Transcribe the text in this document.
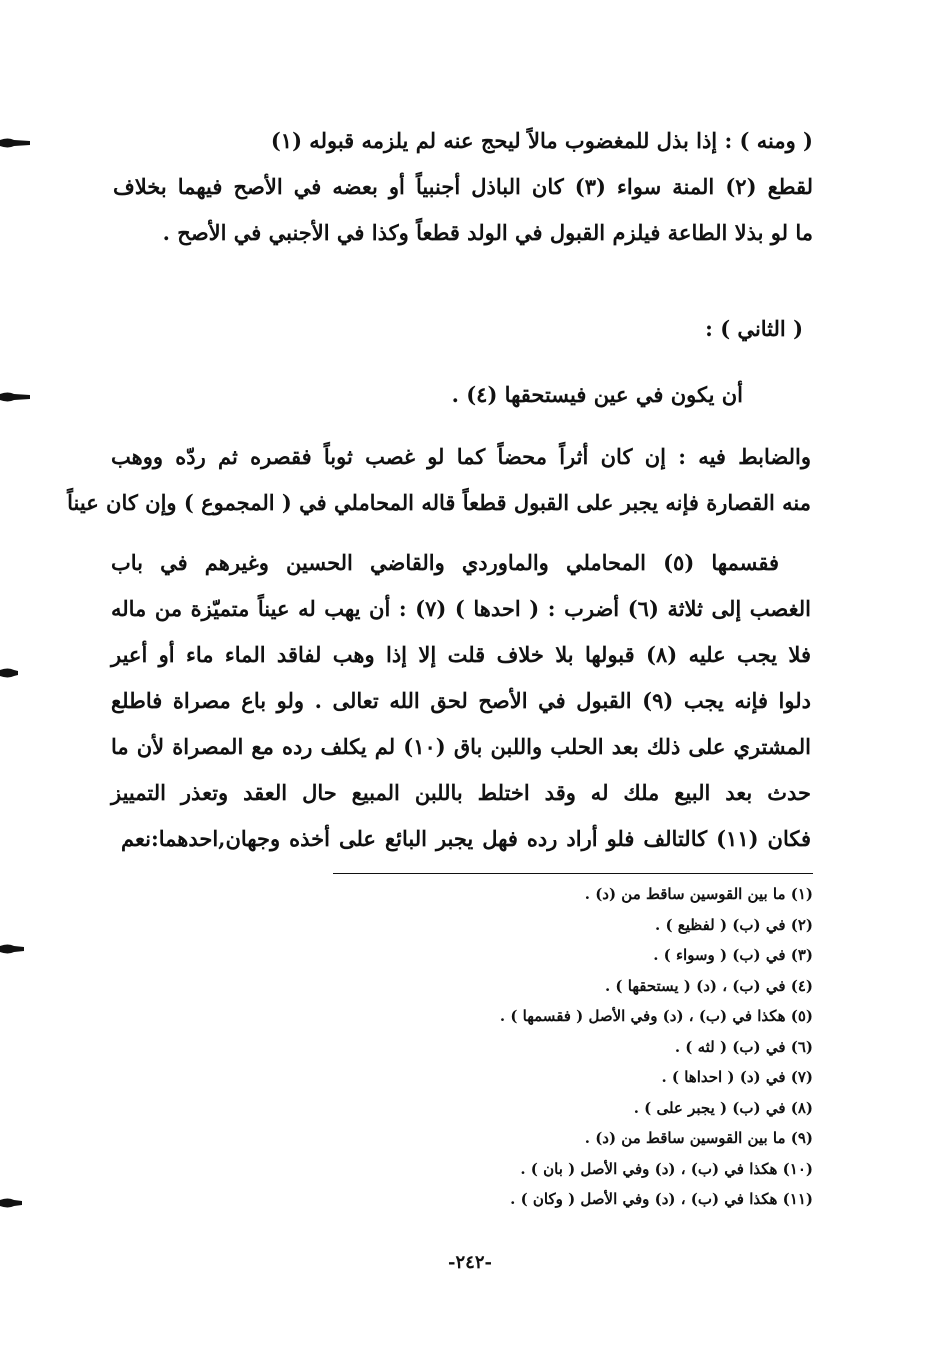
( ومنه ) : إذا بذل للمغضوب مالاً ليحج عنه لم يلزمه قبوله (١)
لقطع (٢) المنة سواء (٣) كان الباذل أجنبياً أو بعضه في الأصح فيهما بخلاف
ما لو بذلا الطاعة فيلزم القبول في الولد قطعاً وكذا في الأجنبي في الأصح .
( الثاني ) :
أن يكون في عين فيستحقها (٤) .
والضابط فيه : إن كان أثراً محضاً كما لو غصب ثوباً فقصره ثم ردّه ووهب
منه القصارة فإنه يجبر على القبول قطعاً قاله المحاملي في ( المجموع ) وإن كان عيناً
فقسمها (٥) المحاملي والماوردي والقاضي الحسين وغيرهم في باب
الغصب إلى ثلاثة (٦) أضرب : ( احدها ) (٧) : أن يهب له عيناً متميّزة من ماله
فلا يجب عليه (٨) قبولها بلا خلاف قلت إلا إذا وهب لفاقد الماء ماء أو أعير
دلوا فإنه يجب (٩) القبول في الأصح لحق الله تعالى . ولو باع مصراة فاطلع
المشتري على ذلك بعد الحلب واللبن باق (١٠) لم يكلف رده مع المصراة لأن ما
حدث بعد البيع ملك له وقد اختلط باللبن المبيع حال العقد وتعذر التمييز
فكان (١١) كالتالف فلو أراد رده فهل يجبر البائع على أخذه وجهان,احدهما:نعم
(١) ما بين القوسين ساقط من (د) .
(٢) في (ب) ( لفظيع ) .
(٣) في (ب) ( وسواء ) .
(٤) في (ب) ، (د) ( يستحقها ) .
(٥) هكذا في (ب) ، (د) وفي الأصل ( فقسمها ) .
(٦) في (ب) ( لثه ) .
(٧) في (د) ( احداها ) .
(٨) في (ب) ( يجبر على ) .
(٩) ما بين القوسين ساقط من (د) .
(١٠) هكذا في (ب) ، (د) وفي الأصل ( بان ) .
(١١) هكذا في (ب) ، (د) وفي الأصل ( وكان ) .
-٢٤٢-
